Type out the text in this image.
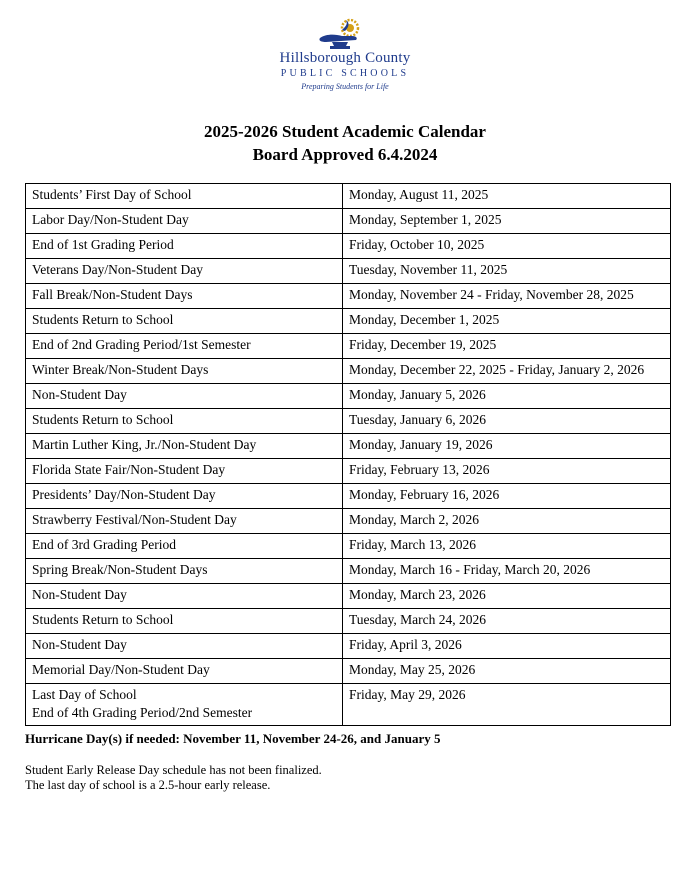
Hillsborough County
PUBLIC SCHOOLS
Preparing Students for Life
2025-2026 Student Academic Calendar
Board Approved 6.4.2024
Students’ First Day of School	Monday, August 11, 2025

Labor Day/Non-Student Day	Monday, September 1, 2025

End of 1st Grading Period	Friday, October 10, 2025

Veterans Day/Non-Student Day	Tuesday, November 11, 2025

Fall Break/Non-Student Days	Monday, November 24 - Friday, November 28, 2025

Students Return to School	Monday, December 1, 2025

End of 2nd Grading Period/1st Semester	Friday, December 19, 2025

Winter Break/Non-Student Days	Monday, December 22, 2025 - Friday, January 2, 2026

Non-Student Day	Monday, January 5, 2026

Students Return to School	Tuesday, January 6, 2026

Martin Luther King, Jr./Non-Student Day	Monday, January 19, 2026

Florida State Fair/Non-Student Day	Friday, February 13, 2026

Presidents’ Day/Non-Student Day	Monday, February 16, 2026

Strawberry Festival/Non-Student Day	Monday, March 2, 2026

End of 3rd Grading Period	Friday, March 13, 2026

Spring Break/Non-Student Days	Monday, March 16 - Friday, March 20, 2026

Non-Student Day	Monday, March 23, 2026

Students Return to School	Tuesday, March 24, 2026

Non-Student Day	Friday, April 3, 2026

Memorial Day/Non-Student Day	Monday, May 25, 2026

Last Day of School
End of 4th Grading Period/2nd Semester	Friday, May 29, 2026
Hurricane Day(s) if needed: November 11, November 24-26, and January 5
Student Early Release Day schedule has not been finalized.
The last day of school is a 2.5-hour early release.
